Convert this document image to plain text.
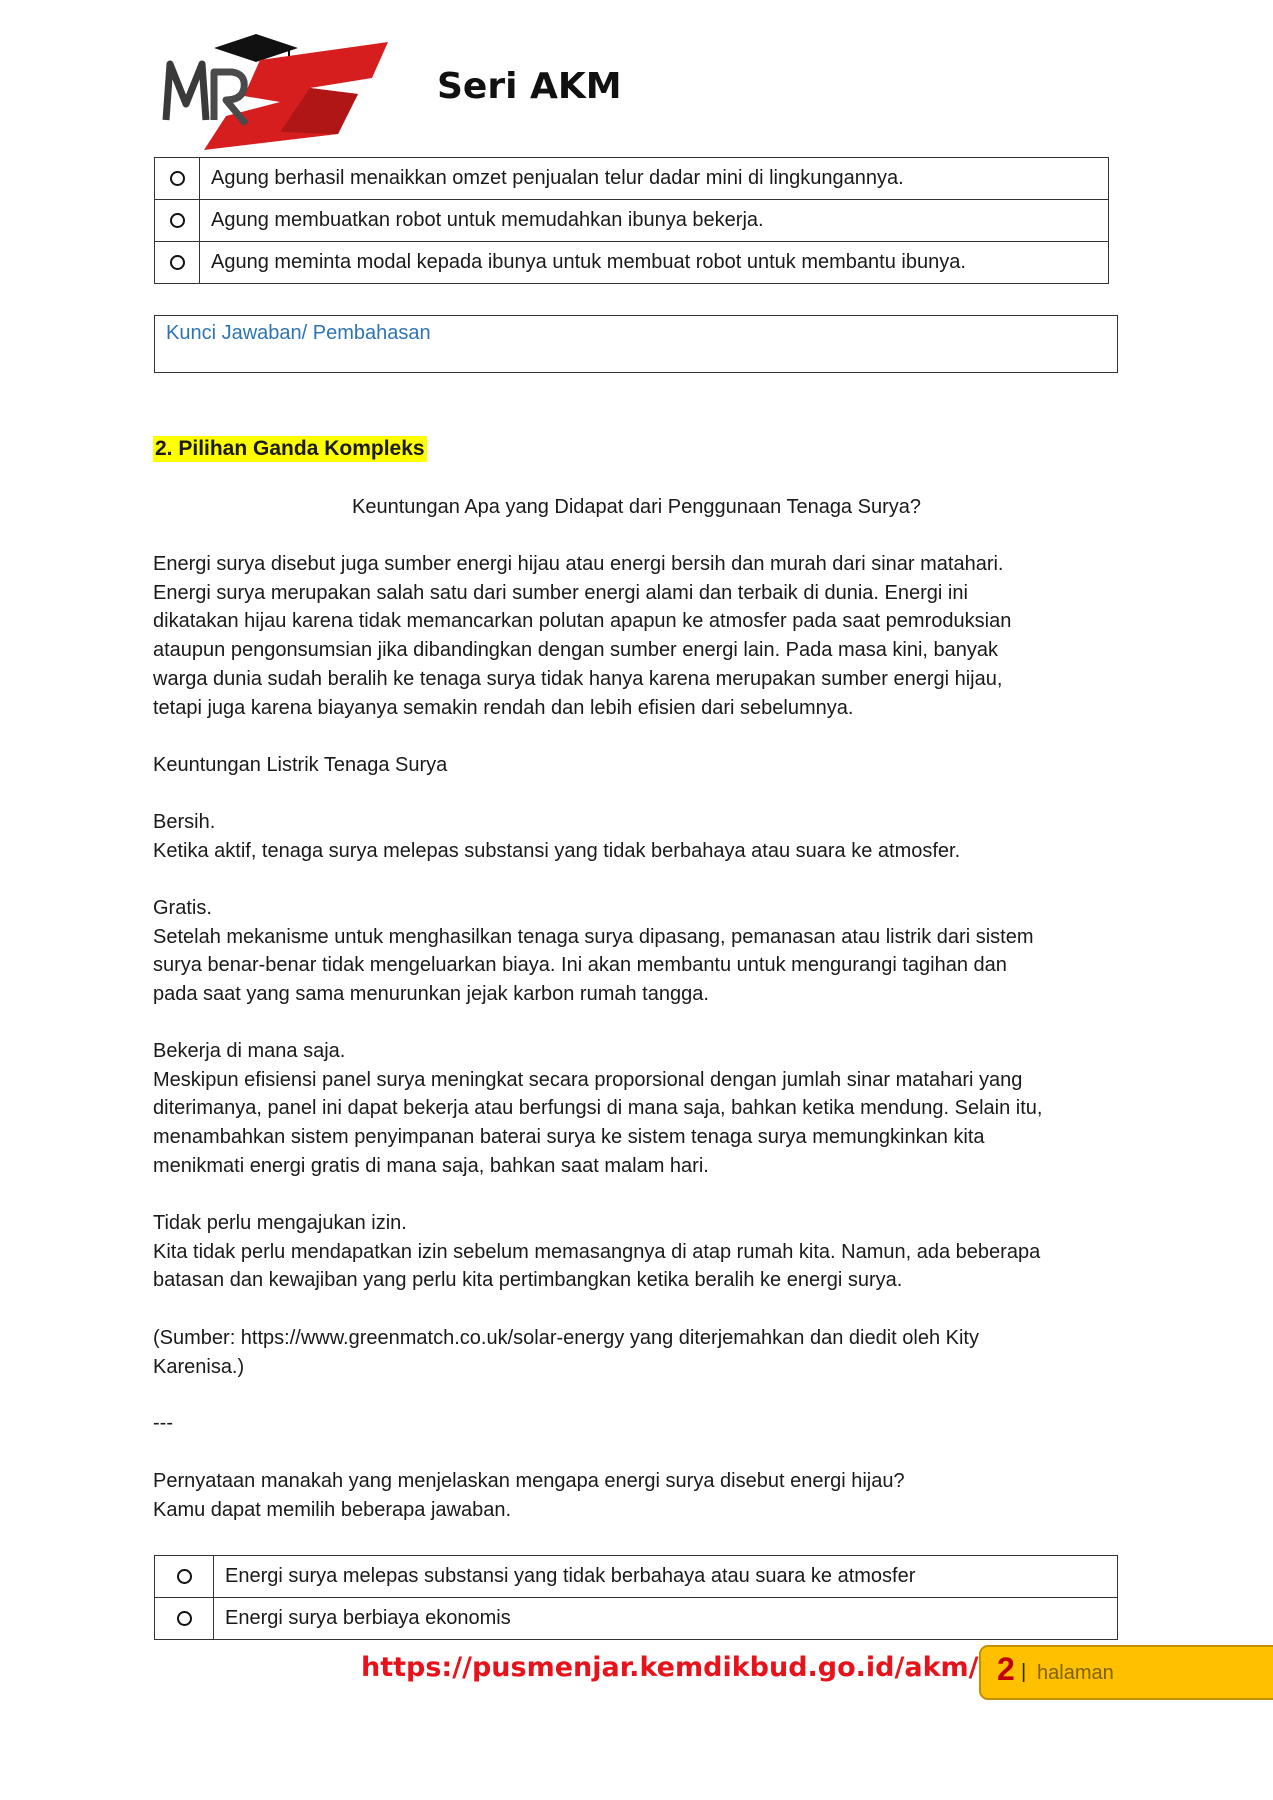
Seri AKM
	Agung berhasil menaikkan omzet penjualan telur dadar mini di lingkungannya.
	Agung membuatkan robot untuk memudahkan ibunya bekerja.
	Agung meminta modal kepada ibunya untuk membuat robot untuk membantu ibunya.
Kunci Jawaban/ Pembahasan
2. Pilihan Ganda Kompleks
Keuntungan Apa yang Didapat dari Penggunaan Tenaga Surya?
Energi surya disebut juga sumber energi hijau atau energi bersih dan murah dari sinar matahari.
Energi surya merupakan salah satu dari sumber energi alami dan terbaik di dunia. Energi ini
dikatakan hijau karena tidak memancarkan polutan apapun ke atmosfer pada saat pemroduksian
ataupun pengonsumsian jika dibandingkan dengan sumber energi lain. Pada masa kini, banyak
warga dunia sudah beralih ke tenaga surya tidak hanya karena merupakan sumber energi hijau,
tetapi juga karena biayanya semakin rendah dan lebih efisien dari sebelumnya.
Keuntungan Listrik Tenaga Surya
Bersih.
Ketika aktif, tenaga surya melepas substansi yang tidak berbahaya atau suara ke atmosfer.
Gratis.
Setelah mekanisme untuk menghasilkan tenaga surya dipasang, pemanasan atau listrik dari sistem
surya benar-benar tidak mengeluarkan biaya. Ini akan membantu untuk mengurangi tagihan dan
pada saat yang sama menurunkan jejak karbon rumah tangga.
Bekerja di mana saja.
Meskipun efisiensi panel surya meningkat secara proporsional dengan jumlah sinar matahari yang
diterimanya, panel ini dapat bekerja atau berfungsi di mana saja, bahkan ketika mendung. Selain itu,
menambahkan sistem penyimpanan baterai surya ke sistem tenaga surya memungkinkan kita
menikmati energi gratis di mana saja, bahkan saat malam hari.
Tidak perlu mengajukan izin.
Kita tidak perlu mendapatkan izin sebelum memasangnya di atap rumah kita. Namun, ada beberapa
batasan dan kewajiban yang perlu kita pertimbangkan ketika beralih ke energi surya.
(Sumber: https://www.greenmatch.co.uk/solar-energy yang diterjemahkan dan diedit oleh Kity
Karenisa.)
---
Pernyataan manakah yang menjelaskan mengapa energi surya disebut energi hijau?
Kamu dapat memilih beberapa jawaban.
	Energi surya melepas substansi yang tidak berbahaya atau suara ke atmosfer
	Energi surya berbiaya ekonomis
https://pusmenjar.kemdikbud.go.id/akm/ 2 | halaman
